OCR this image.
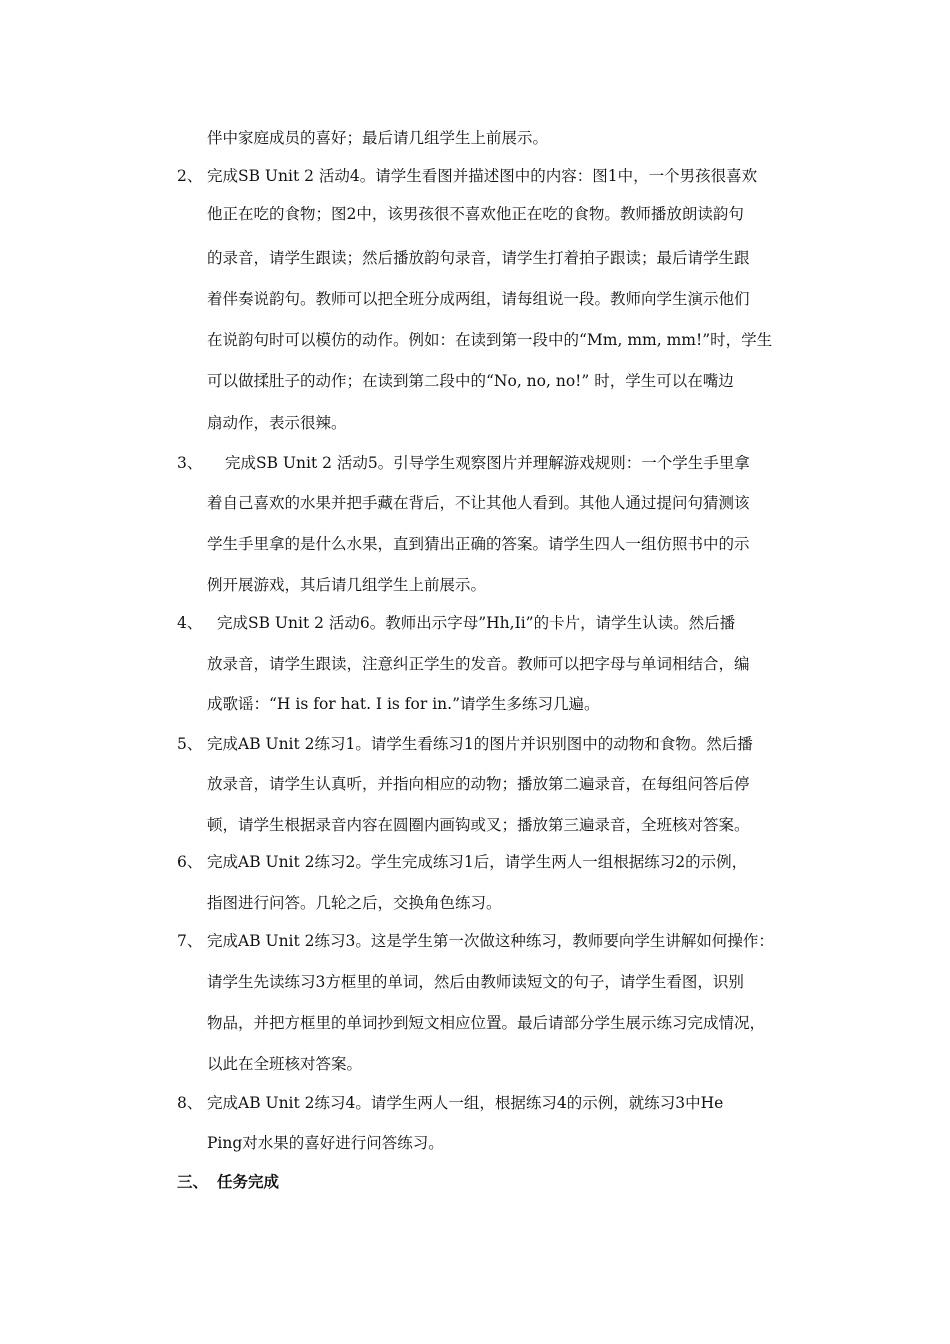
伴中家庭成员的喜好；最后请几组学生上前展示。
2、 完成SB Unit 2 活动4。请学生看图并描述图中的内容：图1中，一个男孩很喜欢
他正在吃的食物；图2中，该男孩很不喜欢他正在吃的食物。教师播放朗读韵句
的录音，请学生跟读；然后播放韵句录音，请学生打着拍子跟读；最后请学生跟
着伴奏说韵句。教师可以把全班分成两组，请每组说一段。教师向学生演示他们
在说韵句时可以模仿的动作。例如：在读到第一段中的“Mm, mm, mm!”时，学生
可以做揉肚子的动作；在读到第二段中的“No, no, no!” 时，学生可以在嘴边
扇动作，表示很辣。
3、 完成SB Unit 2 活动5。引导学生观察图片并理解游戏规则：一个学生手里拿
着自己喜欢的水果并把手藏在背后，不让其他人看到。其他人通过提问句猜测该
学生手里拿的是什么水果，直到猜出正确的答案。请学生四人一组仿照书中的示
例开展游戏，其后请几组学生上前展示。
4、 完成SB Unit 2 活动6。教师出示字母”Hh,Ii”的卡片，请学生认读。然后播
放录音，请学生跟读，注意纠正学生的发音。教师可以把字母与单词相结合，编
成歌谣：“H is for hat. I is for in.”请学生多练习几遍。
5、 完成AB Unit 2练习1。请学生看练习1的图片并识别图中的动物和食物。然后播
放录音，请学生认真听，并指向相应的动物；播放第二遍录音，在每组问答后停
顿，请学生根据录音内容在圆圈内画钩或叉；播放第三遍录音，全班核对答案。
6、 完成AB Unit 2练习2。学生完成练习1后，请学生两人一组根据练习2的示例，
指图进行问答。几轮之后，交换角色练习。
7、 完成AB Unit 2练习3。这是学生第一次做这种练习，教师要向学生讲解如何操作：
请学生先读练习3方框里的单词，然后由教师读短文的句子，请学生看图，识别
物品，并把方框里的单词抄到短文相应位置。最后请部分学生展示练习完成情况，
以此在全班核对答案。
8、 完成AB Unit 2练习4。请学生两人一组，根据练习4的示例，就练习3中He
Ping对水果的喜好进行问答练习。
三、 任务完成
